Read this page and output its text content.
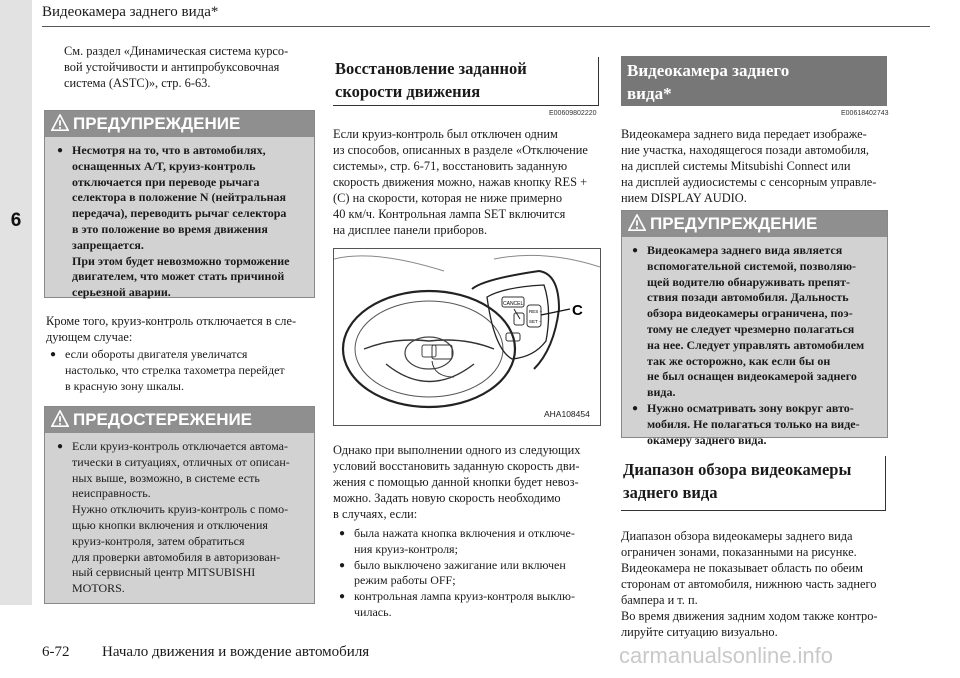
6
Видеокамера заднего вида*
См. раздел «Динамическая система курсо-
вой устойчивости и антипробуксовочная
система (ASTC)», стр. 6-63.
ПРЕДУПРЕЖДЕНИЕ
● Несмотря на то, что в автомобилях,
оснащенных A/T, круиз-контроль
отключается при переводе рычага
селектора в положение N (нейтральная
передача), переводить рычаг селектора
в это положение во время движения
запрещается.
При этом будет невозможно торможение
двигателем, что может стать причиной
серьезной аварии.
Кроме того, круиз-контроль отключается в сле-
дующем случае:
● если обороты двигателя увеличатся
настолько, что стрелка тахометра перейдет
в красную зону шкалы.
ПРЕДОСТЕРЕЖЕНИЕ
● Если круиз-контроль отключается автома-
тически в ситуациях, отличных от описан-
ных выше, возможно, в системе есть
неисправность.
Нужно отключить круиз-контроль с помо-
щью кнопки включения и отключения
круиз-контроля, затем обратиться
для проверки автомобиля в авторизован-
ный сервисный центр MITSUBISHI
MOTORS.
Восстановление заданной
скорости движения
E00609802220
Если круиз-контроль был отключен одним
из способов, описанных в разделе «Отключение
системы», стр. 6-71, восстановить заданную
скорость движения можно, нажав кнопку RES +
(C) на скорости, которая не ниже примерно
40 км/ч. Контрольная лампа SET включится
на дисплее панели приборов.
CANCEL
RES +
SET −
C
AHA108454
Однако при выполнении одного из следующих
условий восстановить заданную скорость дви-
жения с помощью данной кнопки будет невоз-
можно. Задать новую скорость необходимо
в случаях, если:
● была нажата кнопка включения и отключе-
ния круиз-контроля;
● было выключено зажигание или включен
режим работы OFF;
● контрольная лампа круиз-контроля выклю-
чилась.
Видеокамера заднего
вида*
E00618402743
Видеокамера заднего вида передает изображе-
ние участка, находящегося позади автомобиля,
на дисплей системы Mitsubishi Connect или
на дисплей аудиосистемы с сенсорным управле-
нием DISPLAY AUDIO.
ПРЕДУПРЕЖДЕНИЕ
● Видеокамера заднего вида является
вспомогательной системой, позволяю-
щей водителю обнаруживать препят-
ствия позади автомобиля. Дальность
обзора видеокамеры ограничена, поэ-
тому не следует чрезмерно полагаться
на нее. Следует управлять автомобилем
так же осторожно, как если бы он
не был оснащен видеокамерой заднего
вида.
● Нужно осматривать зону вокруг авто-
мобиля. Не полагаться только на виде-
окамеру заднего вида.
Диапазон обзора видеокамеры
заднего вида
Диапазон обзора видеокамеры заднего вида
ограничен зонами, показанными на рисунке.
Видеокамера не показывает область по обеим
сторонам от автомобиля, нижнюю часть заднего
бампера и т. п.
Во время движения задним ходом также контро-
лируйте ситуацию визуально.
6-72 Начало движения и вождение автомобиля	carmanualsonline.info
